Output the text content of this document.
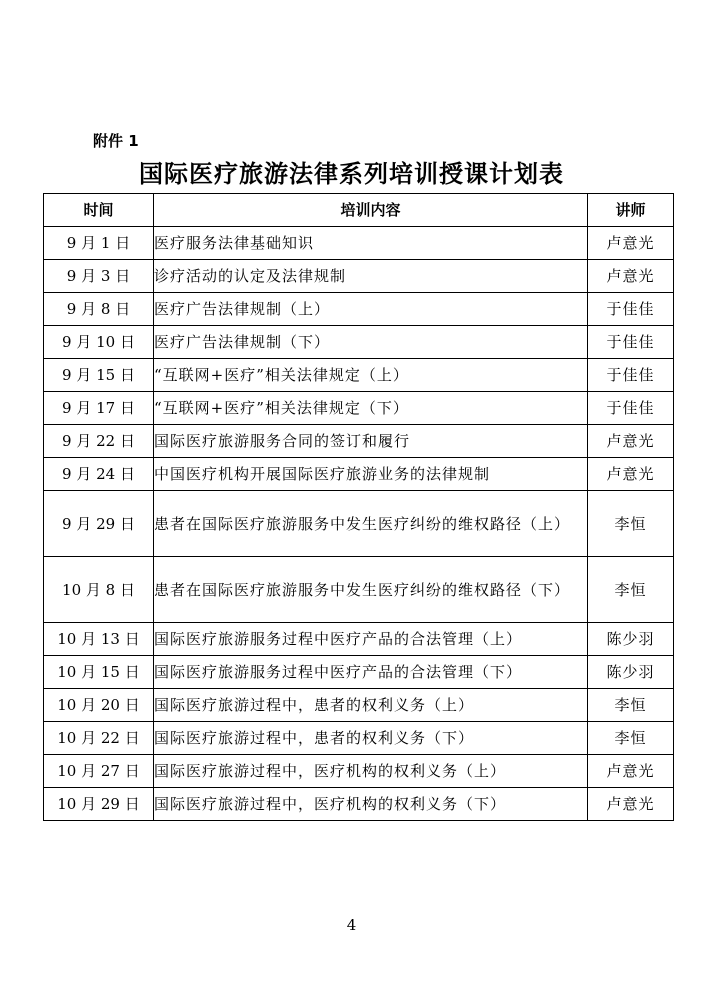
附件 1
国际医疗旅游法律系列培训授课计划表
时间	培训内容	讲师
9 月 1 日	医疗服务法律基础知识	卢意光
9 月 3 日	诊疗活动的认定及法律规制	卢意光
9 月 8 日	医疗广告法律规制（上）	于佳佳
9 月 10 日	医疗广告法律规制（下）	于佳佳
9 月 15 日	“互联网+医疗”相关法律规定（上）	于佳佳
9 月 17 日	“互联网+医疗”相关法律规定（下）	于佳佳
9 月 22 日	国际医疗旅游服务合同的签订和履行	卢意光
9 月 24 日	中国医疗机构开展国际医疗旅游业务的法律规制	卢意光
9 月 29 日	患者在国际医疗旅游服务中发生医疗纠纷的维权路径（上）	李恒
10 月 8 日	患者在国际医疗旅游服务中发生医疗纠纷的维权路径（下）	李恒
10 月 13 日	国际医疗旅游服务过程中医疗产品的合法管理（上）	陈少羽
10 月 15 日	国际医疗旅游服务过程中医疗产品的合法管理（下）	陈少羽
10 月 20 日	国际医疗旅游过程中，患者的权利义务（上）	李恒
10 月 22 日	国际医疗旅游过程中，患者的权利义务（下）	李恒
10 月 27 日	国际医疗旅游过程中，医疗机构的权利义务（上）	卢意光
10 月 29 日	国际医疗旅游过程中，医疗机构的权利义务（下）	卢意光
4
